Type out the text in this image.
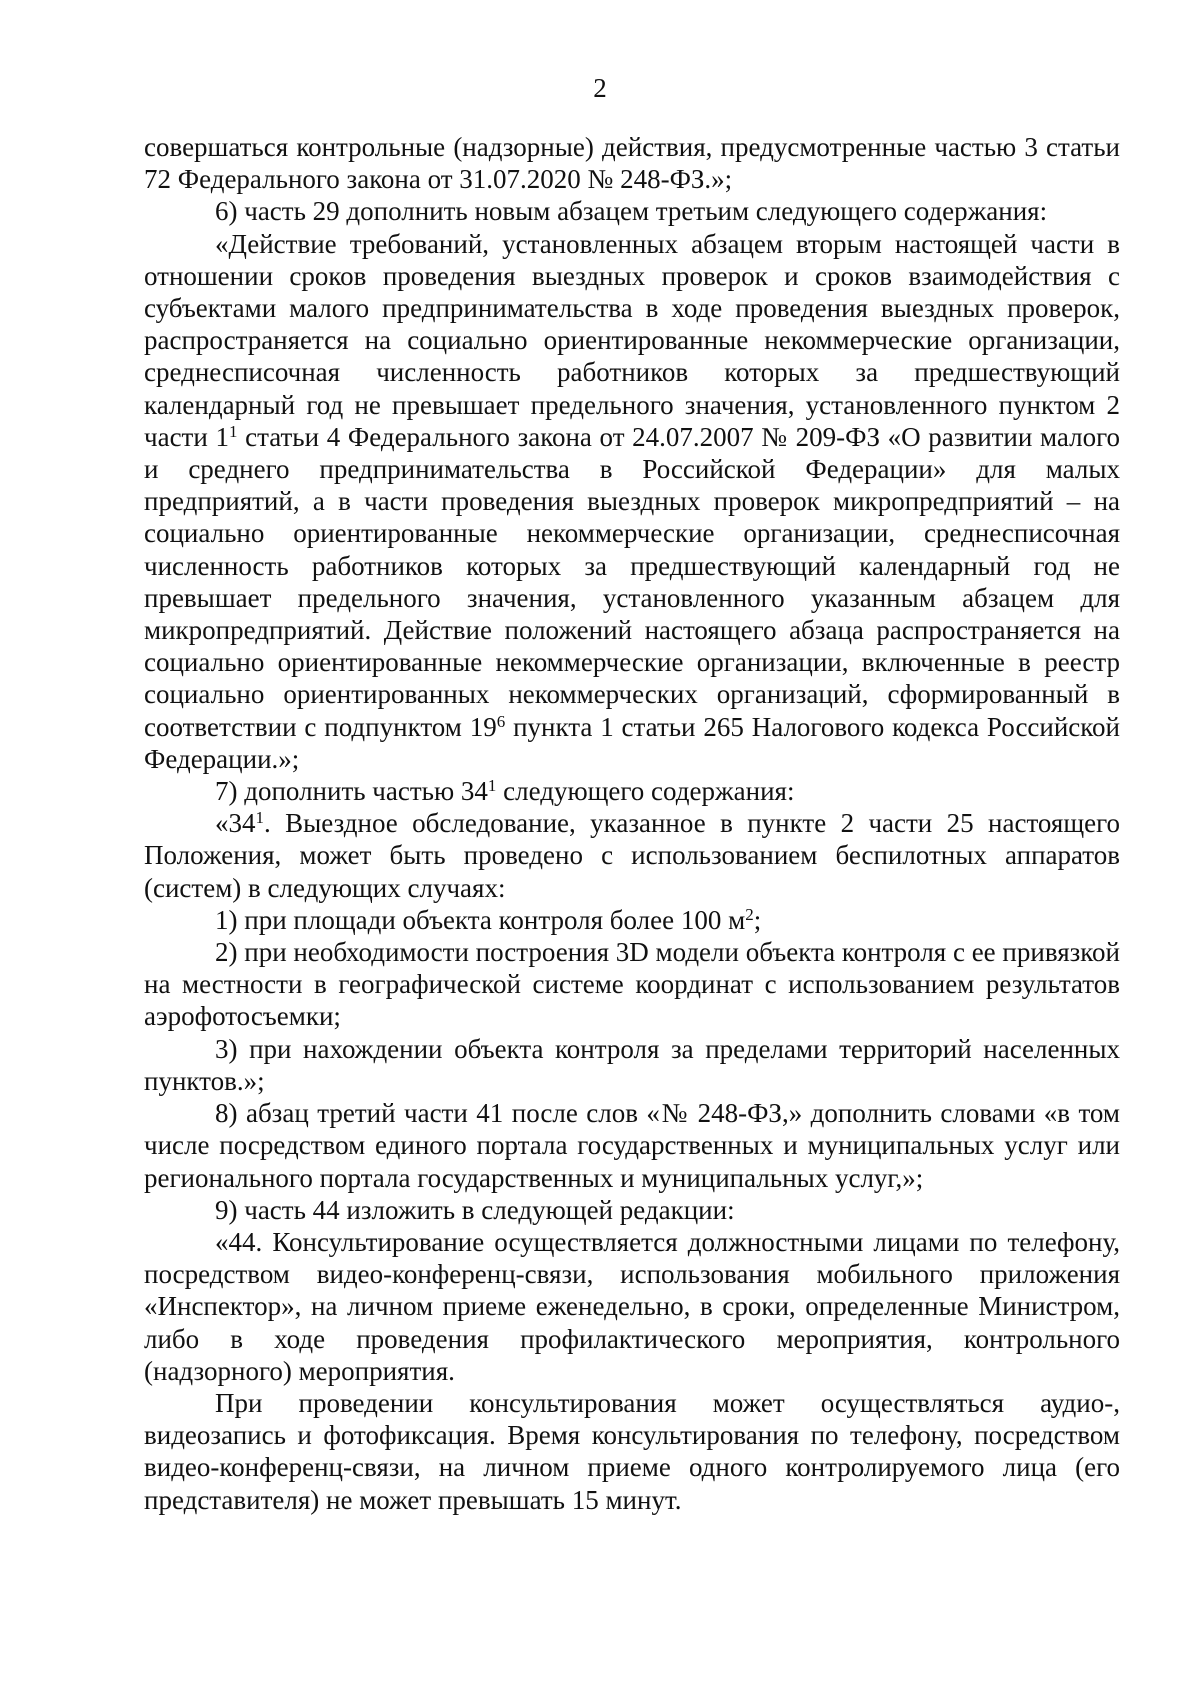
2

совершаться контрольные (надзорные) действия, предусмотренные частью 3 статьи 72 Федерального закона от 31.07.2020 № 248-ФЗ.»;

6) часть 29 дополнить новым абзацем третьим следующего содержания:

«Действие требований, установленных абзацем вторым настоящей части в отношении сроков проведения выездных проверок и сроков взаимодействия с субъектами малого предпринимательства в ходе проведения выездных проверок, распространяется на социально ориентированные некоммерческие организации, среднесписочная численность работников которых за предшествующий календарный год не превышает предельного значения, установленного пунктом 2 части $1^1$ статьи 4 Федерального закона от 24.07.2007 № 209-ФЗ «О развитии малого и среднего предпринимательства в Российской Федерации» для малых предприятий, а в части проведения выездных проверок микропредприятий – на социально ориентированные некоммерческие организации, среднесписочная численность работников которых за предшествующий календарный год не превышает предельного значения, установленного указанным абзацем для микропредприятий. Действие положений настоящего абзаца распространяется на социально ориентированные некоммерческие организации, включенные в реестр социально ориентированных некоммерческих организаций, сформированный в соответствии с подпунктом $19^6$ пункта 1 статьи 265 Налогового кодекса Российской Федерации.»;

7) дополнить частью $34^1$ следующего содержания:

«$34^1$. Выездное обследование, указанное в пункте 2 части 25 настоящего Положения, может быть проведено с использованием беспилотных аппаратов (систем) в следующих случаях:

1) при площади объекта контроля более 100 $м^2$;

2) при необходимости построения 3D модели объекта контроля с ее привязкой на местности в географической системе координат с использованием результатов аэрофотосъемки;

3) при нахождении объекта контроля за пределами территорий населенных пунктов.»;

8) абзац третий части 41 после слов «№ 248-ФЗ,» дополнить словами «в том числе посредством единого портала государственных и муниципальных услуг или регионального портала государственных и муниципальных услуг,»;

9) часть 44 изложить в следующей редакции:

«44. Консультирование осуществляется должностными лицами по телефону, посредством видео-конференц-связи, использования мобильного приложения «Инспектор», на личном приеме еженедельно, в сроки, определенные Министром, либо в ходе проведения профилактического мероприятия, контрольного (надзорного) мероприятия.

При проведении консультирования может осуществляться аудио-, видеозапись и фотофиксация. Время консультирования по телефону, посредством видео-конференц-связи, на личном приеме одного контролируемого лица (его представителя) не может превышать 15 минут.
